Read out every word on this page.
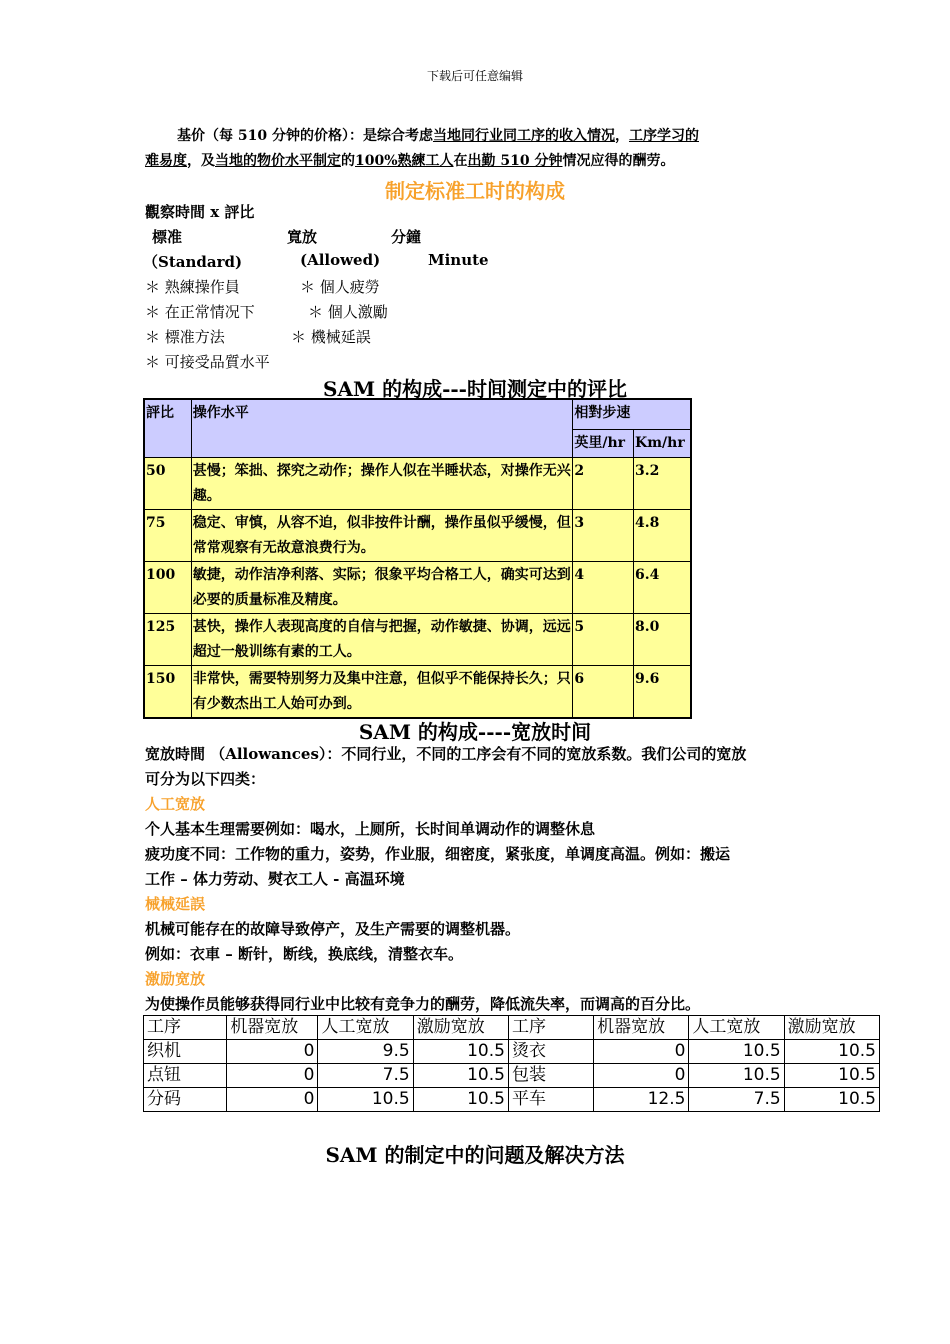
下载后可任意编辑
基价（每 510 分钟的价格）：是综合考虑当地同行业同工序的收入情况，工序学习的
难易度，及当地的物价水平制定的100%熟練工人在出勤 510 分钟情况应得的酬劳。
制定标准工时的构成
觀察時間 x 評比
標准	寬放	分鐘
（Standard)	(Allowed)	Minute
＊ 熟練操作員	＊ 個人疲勞
＊ 在正常情况下	＊ 個人激勵
＊ 標准方法	＊ 機械延誤
＊ 可接受品質水平
SAM 的构成---时间测定中的评比
評比	操作水平	相對步速	
		英里/hr	Km/hr
50	甚慢；笨拙、探究之动作；操作人似在半睡状态，对操作无兴趣。	2	3.2
75	稳定、审慎，从容不迫，似非按件计酬，操作虽似乎缓慢，但常常观察有无故意浪费行为。	3	4.8
100	敏捷，动作洁净利落、实际；很象平均合格工人，确实可达到必要的质量标准及精度。	4	6.4
125	甚快，操作人表现高度的自信与把握，动作敏捷、协调，远远超过一般训练有素的工人。	5	8.0
150	非常快，需要特别努力及集中注意，但似乎不能保持长久；只有少数杰出工人始可办到。	6	9.6
SAM 的构成----宽放时间
宽放時間 （Allowances）：不同行业，不同的工序会有不同的宽放系数。我们公司的宽放
可分为以下四类：
人工宽放
个人基本生理需要例如：喝水，上厕所，长时间单调动作的调整休息
疲功度不同：工作物的重力，姿势，作业服，细密度，紧张度，单调度高温。例如：搬运
工作 – 体力劳动、熨衣工人 - 高温环境
械械延誤
机械可能存在的故障导致停产，及生产需要的调整机器。
例如：衣車 – 断针，断线，换底线，清整衣车。
激励宽放
为使操作员能够获得同行业中比较有竞争力的酬劳，降低流失率，而调高的百分比。
工序	机器宽放	人工宽放	激励宽放	工序	机器宽放	人工宽放	激励宽放
织机	0	9.5	10.5	烫衣	0	10.5	10.5
点钮	0	7.5	10.5	包装	0	10.5	10.5
分码	0	10.5	10.5	平车	12.5	7.5	10.5
SAM 的制定中的问题及解决方法
